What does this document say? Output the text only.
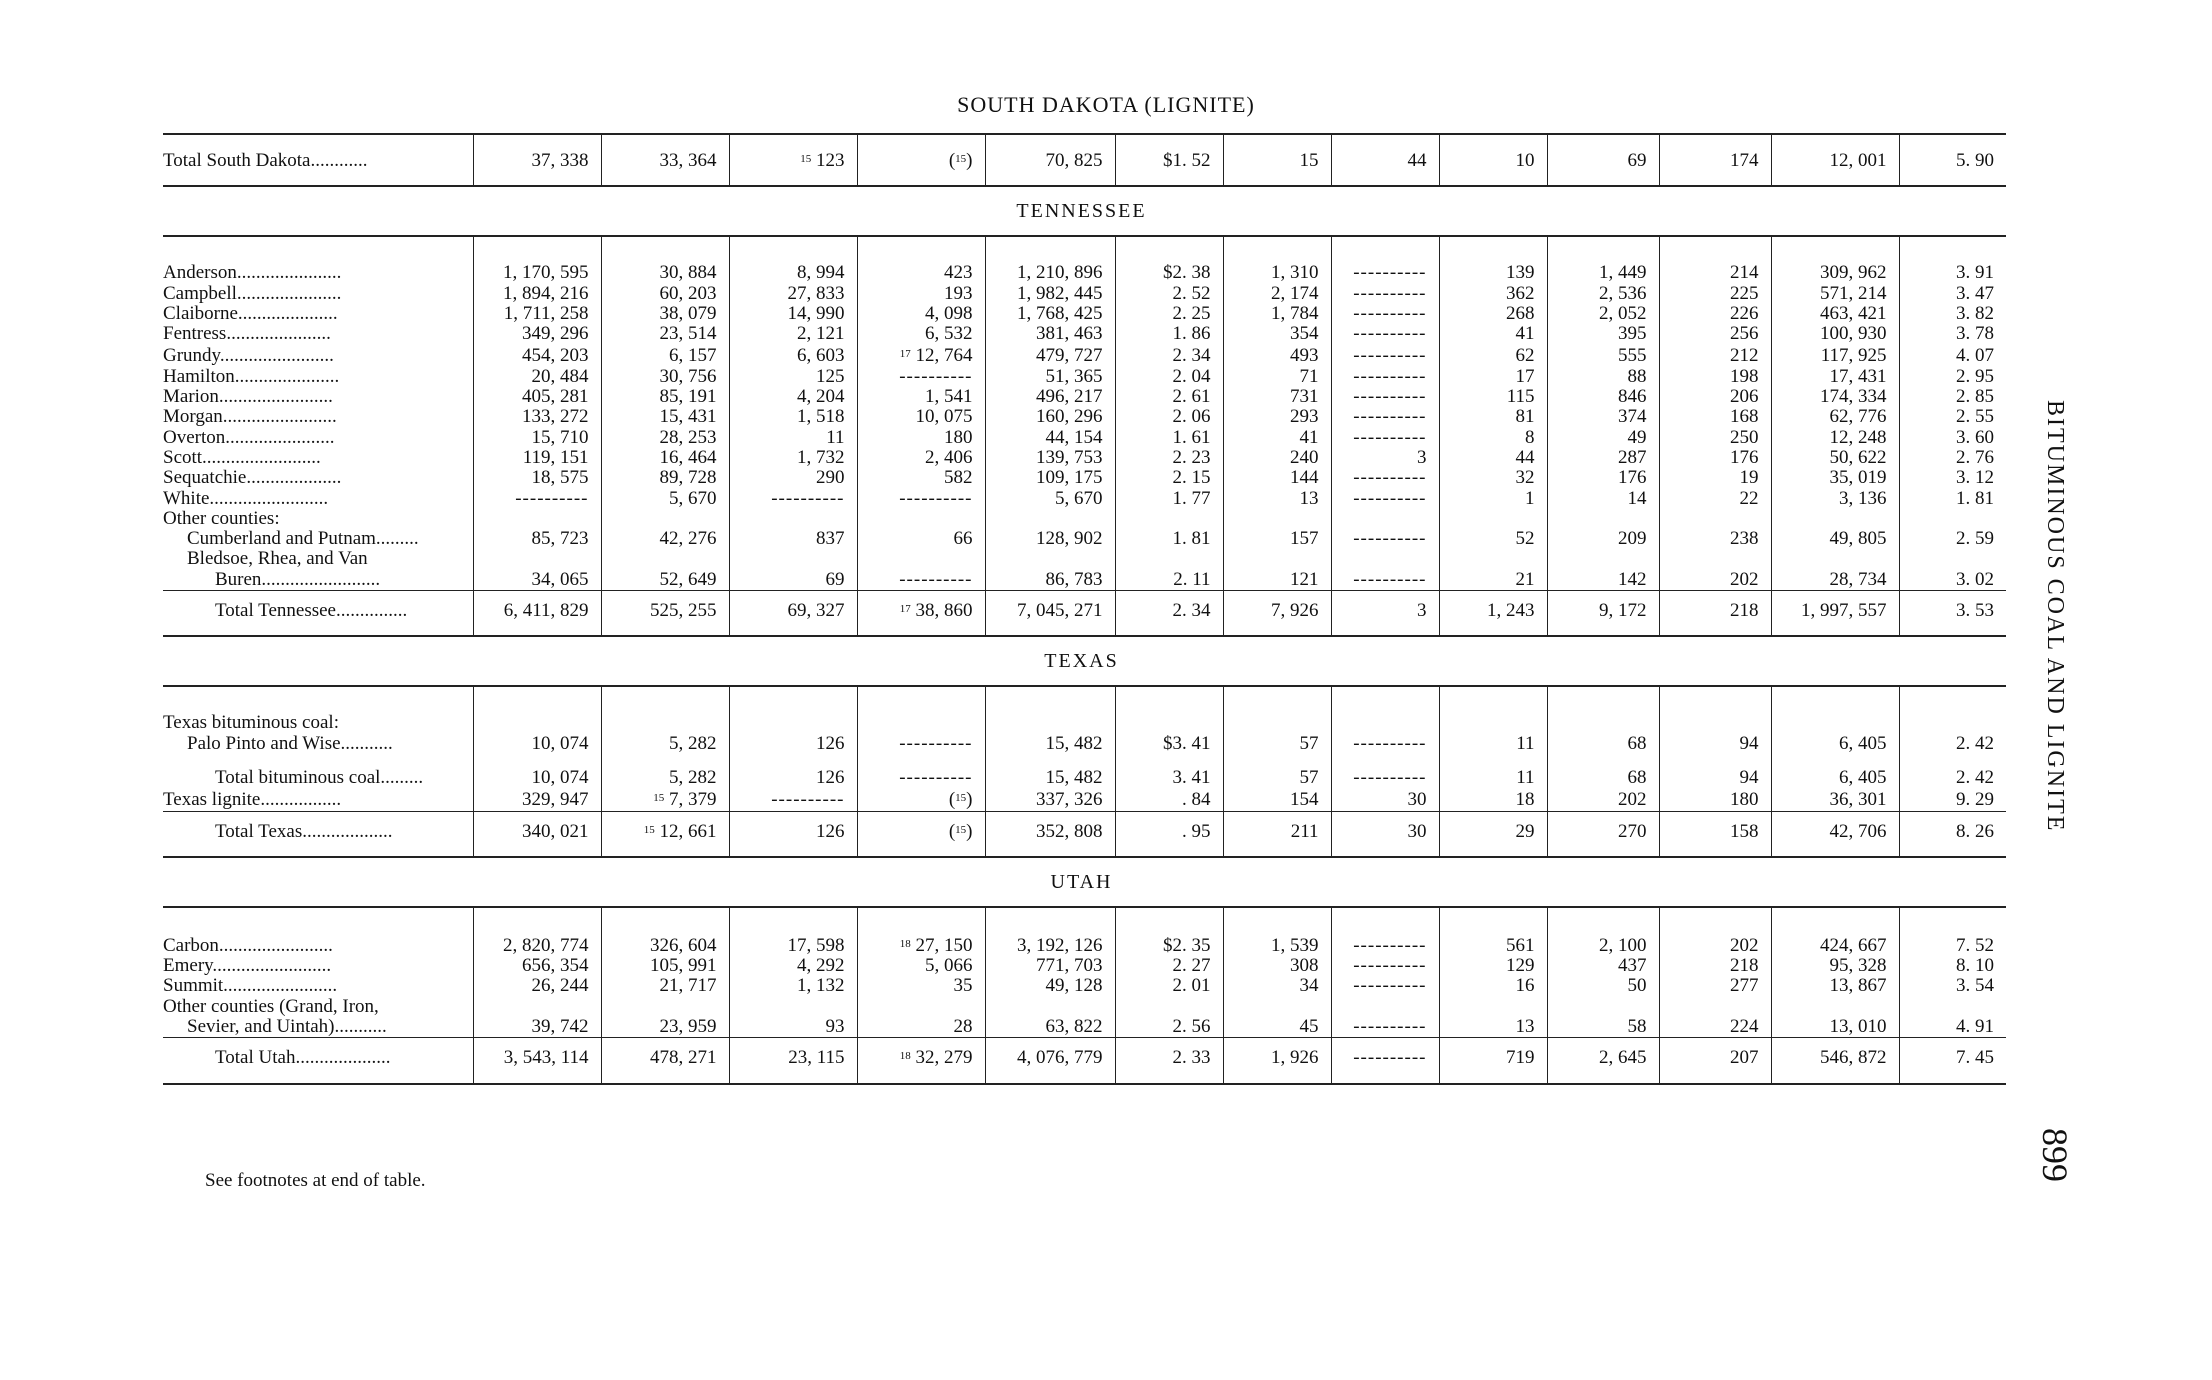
SOUTH DAKOTA (LIGNITE)
Total South Dakota............	37, 338	33, 364	$^{15}$ 123	($^{15}$)	70, 825	$1. 52	15	44	10	69	174	12, 001	5. 90
TENNESSEE													
Anderson......................	1, 170, 595	30, 884	8, 994	423	1, 210, 896	$2. 38	1, 310	----------	139	1, 449	214	309, 962	3. 91
Campbell......................	1, 894, 216	60, 203	27, 833	193	1, 982, 445	2. 52	2, 174	----------	362	2, 536	225	571, 214	3. 47
Claiborne.....................	1, 711, 258	38, 079	14, 990	4, 098	1, 768, 425	2. 25	1, 784	----------	268	2, 052	226	463, 421	3. 82
Fentress......................	349, 296	23, 514	2, 121	6, 532	381, 463	1. 86	354	----------	41	395	256	100, 930	3. 78
Grundy........................	454, 203	6, 157	6, 603	$^{17}$ 12, 764	479, 727	2. 34	493	----------	62	555	212	117, 925	4. 07
Hamilton......................	20, 484	30, 756	125	----------	51, 365	2. 04	71	----------	17	88	198	17, 431	2. 95
Marion........................	405, 281	85, 191	4, 204	1, 541	496, 217	2. 61	731	----------	115	846	206	174, 334	2. 85
Morgan........................	133, 272	15, 431	1, 518	10, 075	160, 296	2. 06	293	----------	81	374	168	62, 776	2. 55
Overton.......................	15, 710	28, 253	11	180	44, 154	1. 61	41	----------	8	49	250	12, 248	3. 60
Scott.........................	119, 151	16, 464	1, 732	2, 406	139, 753	2. 23	240	3	44	287	176	50, 622	2. 76
Sequatchie....................	18, 575	89, 728	290	582	109, 175	2. 15	144	----------	32	176	19	35, 019	3. 12
White.........................	----------	5, 670	----------	----------	5, 670	1. 77	13	----------	1	14	22	3, 136	1. 81
Other counties:													
Cumberland and Putnam.........	85, 723	42, 276	837	66	128, 902	1. 81	157	----------	52	209	238	49, 805	2. 59
Bledsoe, Rhea, and Van													
Buren.........................	34, 065	52, 649	69	----------	86, 783	2. 11	121	----------	21	142	202	28, 734	3. 02
Total Tennessee...............	6, 411, 829	525, 255	69, 327	$^{17}$ 38, 860	7, 045, 271	2. 34	7, 926	3	1, 243	9, 172	218	1, 997, 557	3. 53
TEXAS													
Texas bituminous coal:													
Palo Pinto and Wise...........	10, 074	5, 282	126	----------	15, 482	$3. 41	57	----------	11	68	94	6, 405	2. 42
Total bituminous coal.........	10, 074	5, 282	126	----------	15, 482	3. 41	57	----------	11	68	94	6, 405	2. 42
Texas lignite.................	329, 947	$^{15}$ 7, 379	----------	($^{15}$)	337, 326	. 84	154	30	18	202	180	36, 301	9. 29
Total Texas...................	340, 021	$^{15}$ 12, 661	126	($^{15}$)	352, 808	. 95	211	30	29	270	158	42, 706	8. 26
UTAH													
Carbon........................	2, 820, 774	326, 604	17, 598	$^{18}$ 27, 150	3, 192, 126	$2. 35	1, 539	----------	561	2, 100	202	424, 667	7. 52
Emery.........................	656, 354	105, 991	4, 292	5, 066	771, 703	2. 27	308	----------	129	437	218	95, 328	8. 10
Summit........................	26, 244	21, 717	1, 132	35	49, 128	2. 01	34	----------	16	50	277	13, 867	3. 54
Other counties (Grand, Iron,													
Sevier, and Uintah)...........	39, 742	23, 959	93	28	63, 822	2. 56	45	----------	13	58	224	13, 010	4. 91
Total Utah....................	3, 543, 114	478, 271	23, 115	$^{18}$ 32, 279	4, 076, 779	2. 33	1, 926	----------	719	2, 645	207	546, 872	7. 45
BITUMINOUS COAL AND LIGNITE
899
See footnotes at end of table.
